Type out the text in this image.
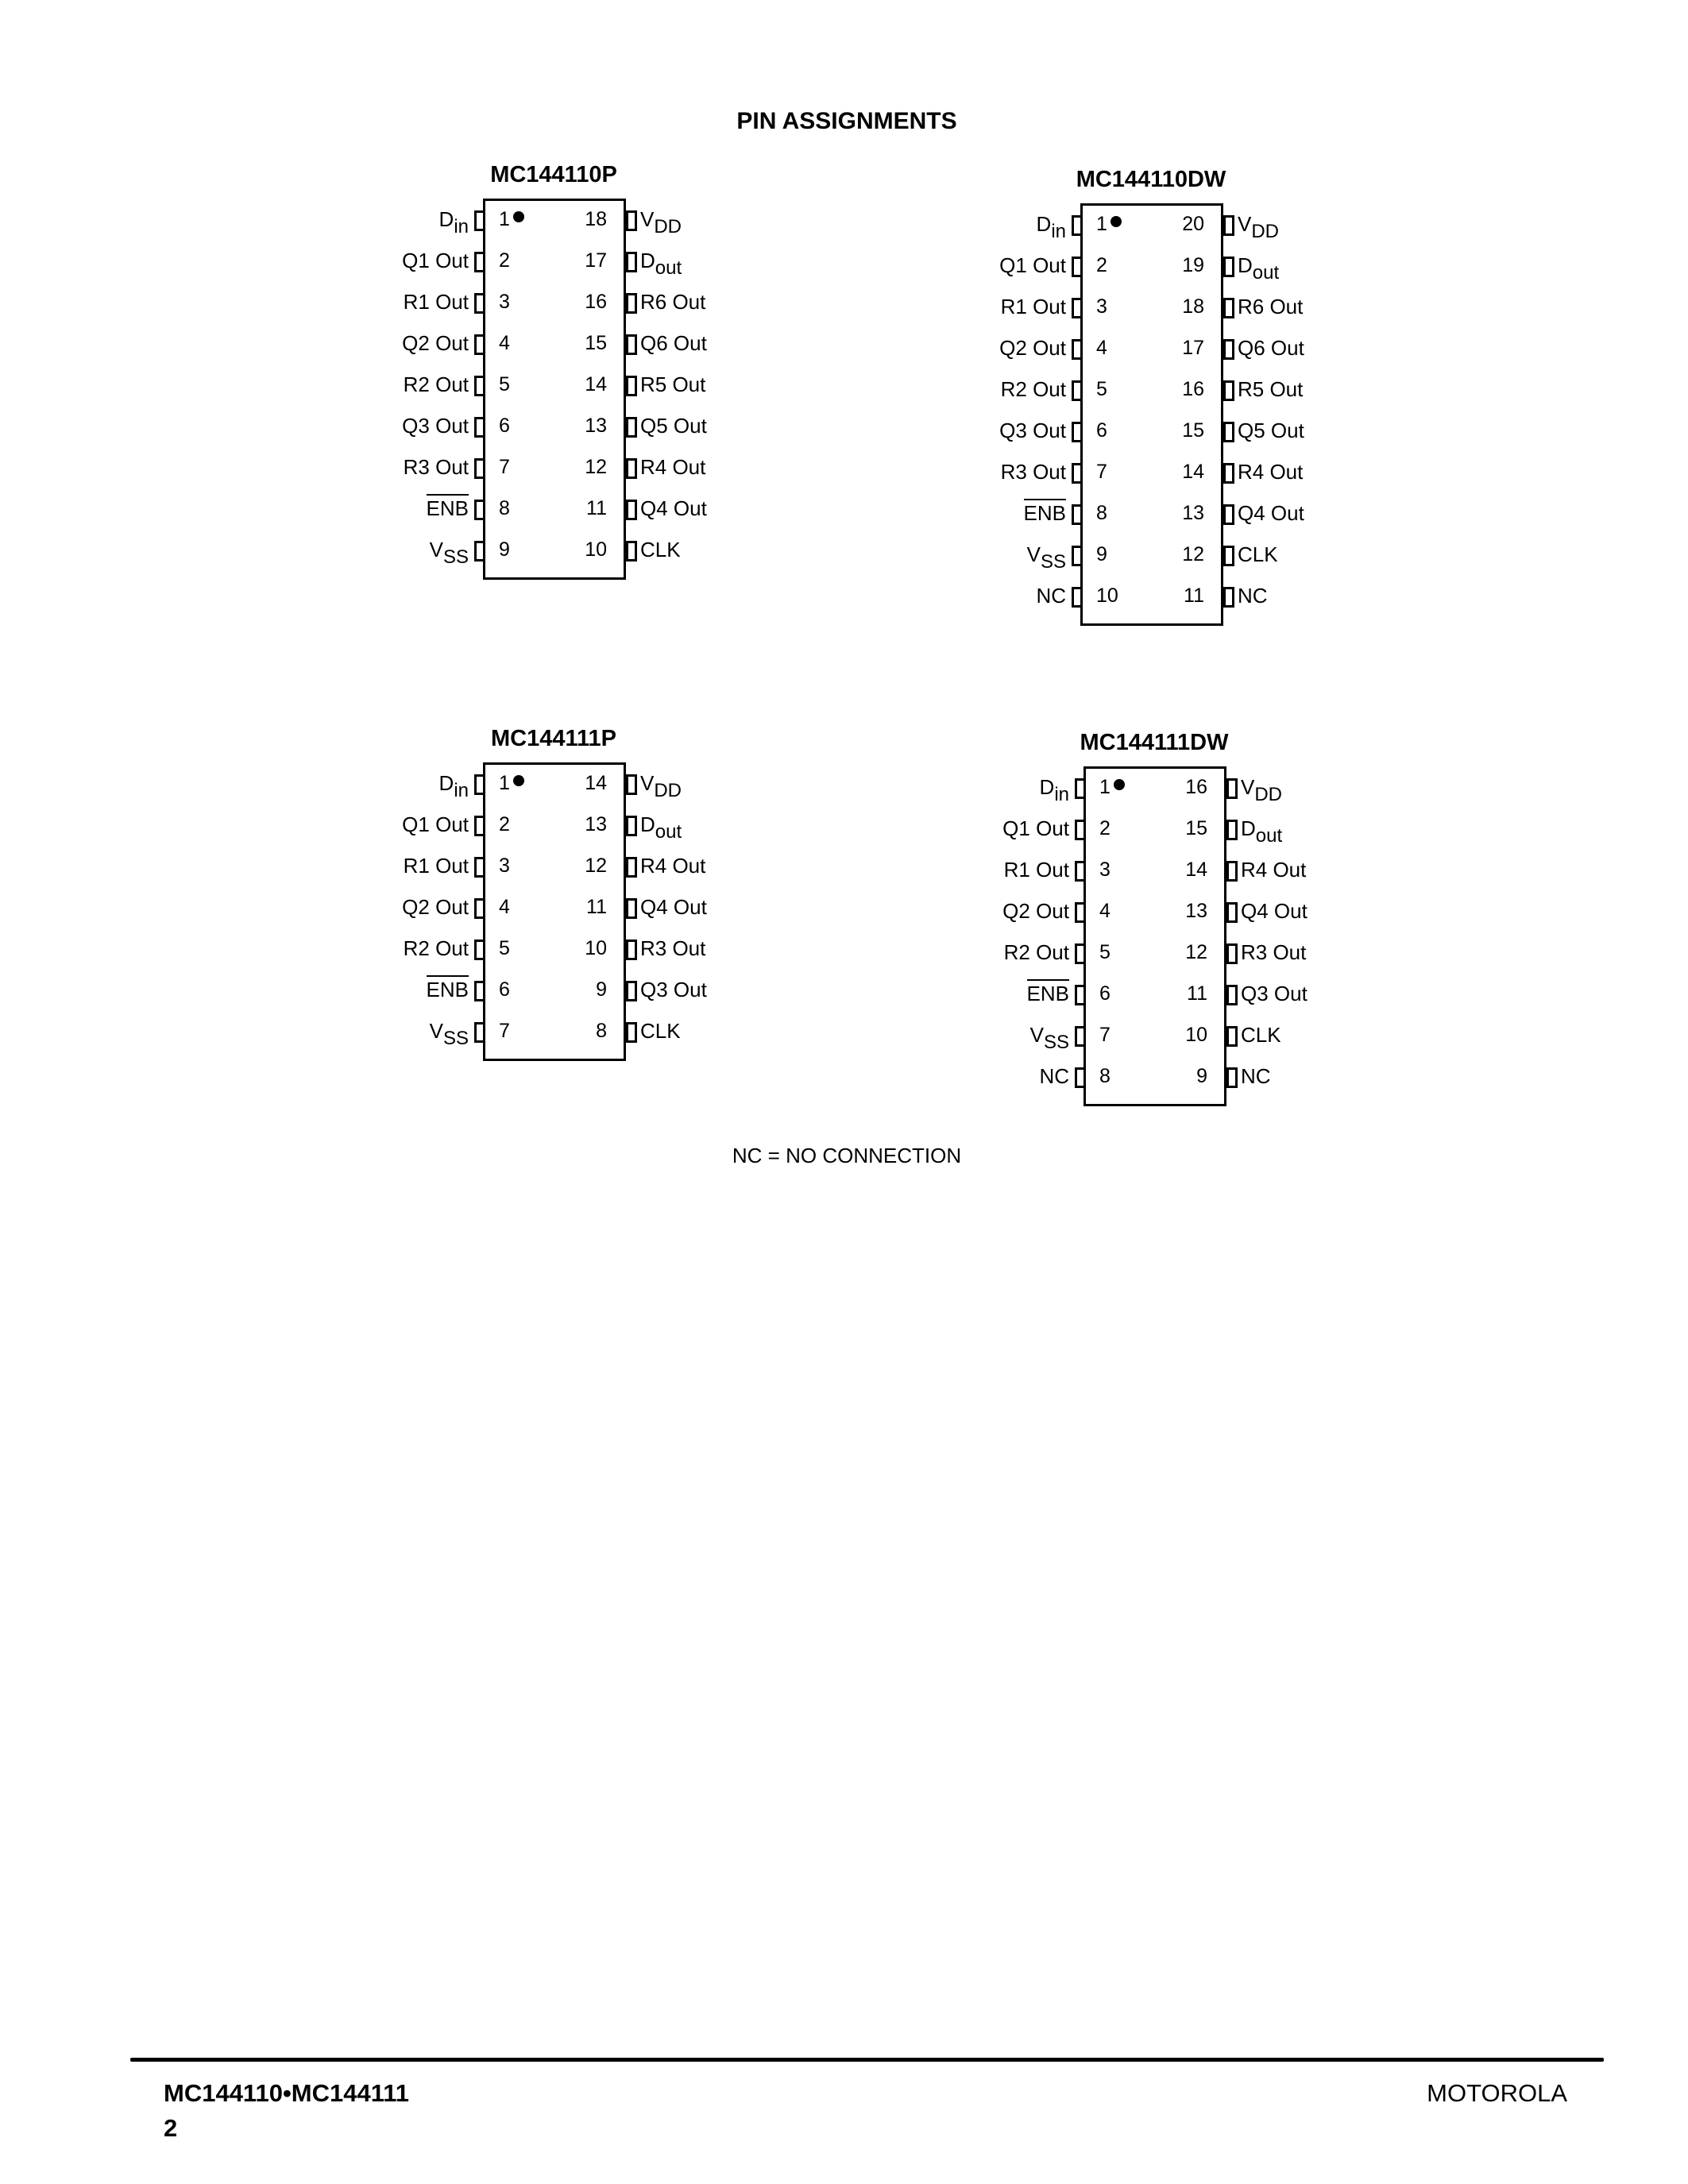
PIN ASSIGNMENTS
MC144110P
1
$D_{in}$
2
Q1 Out
3
R1 Out
4
Q2 Out
5
R2 Out
6
Q3 Out
7
R3 Out
8
ENB
9
$V_{SS}$
18 $V_{DD}$
17 $D_{out}$
16 R6 Out
15 Q6 Out
14 R5 Out
13 Q5 Out
12 R4 Out
11 Q4 Out
10 CLK
MC144110DW
1
$D_{in}$
2
Q1 Out
3
R1 Out
4
Q2 Out
5
R2 Out
6
Q3 Out
7
R3 Out
8
ENB
9
$V_{SS}$
10
NC
20 $V_{DD}$
19 $D_{out}$
18 R6 Out
17 Q6 Out
16 R5 Out
15 Q5 Out
14 R4 Out
13 Q4 Out
12 CLK
11 NC
MC144111P
1
$D_{in}$
2
Q1 Out
3
R1 Out
4
Q2 Out
5
R2 Out
6
ENB
7
$V_{SS}$
14 $V_{DD}$
13 $D_{out}$
12 R4 Out
11 Q4 Out
10 R3 Out
9 Q3 Out
8 CLK
MC144111DW
1
$D_{in}$
2
Q1 Out
3
R1 Out
4
Q2 Out
5
R2 Out
6
ENB
7
$V_{SS}$
8
NC
16 $V_{DD}$
15 $D_{out}$
14 R4 Out
13 Q4 Out
12 R3 Out
11 Q3 Out
10 CLK
9 NC
NC = NO CONNECTION
MC144110•MC144111
2
MOTOROLA
